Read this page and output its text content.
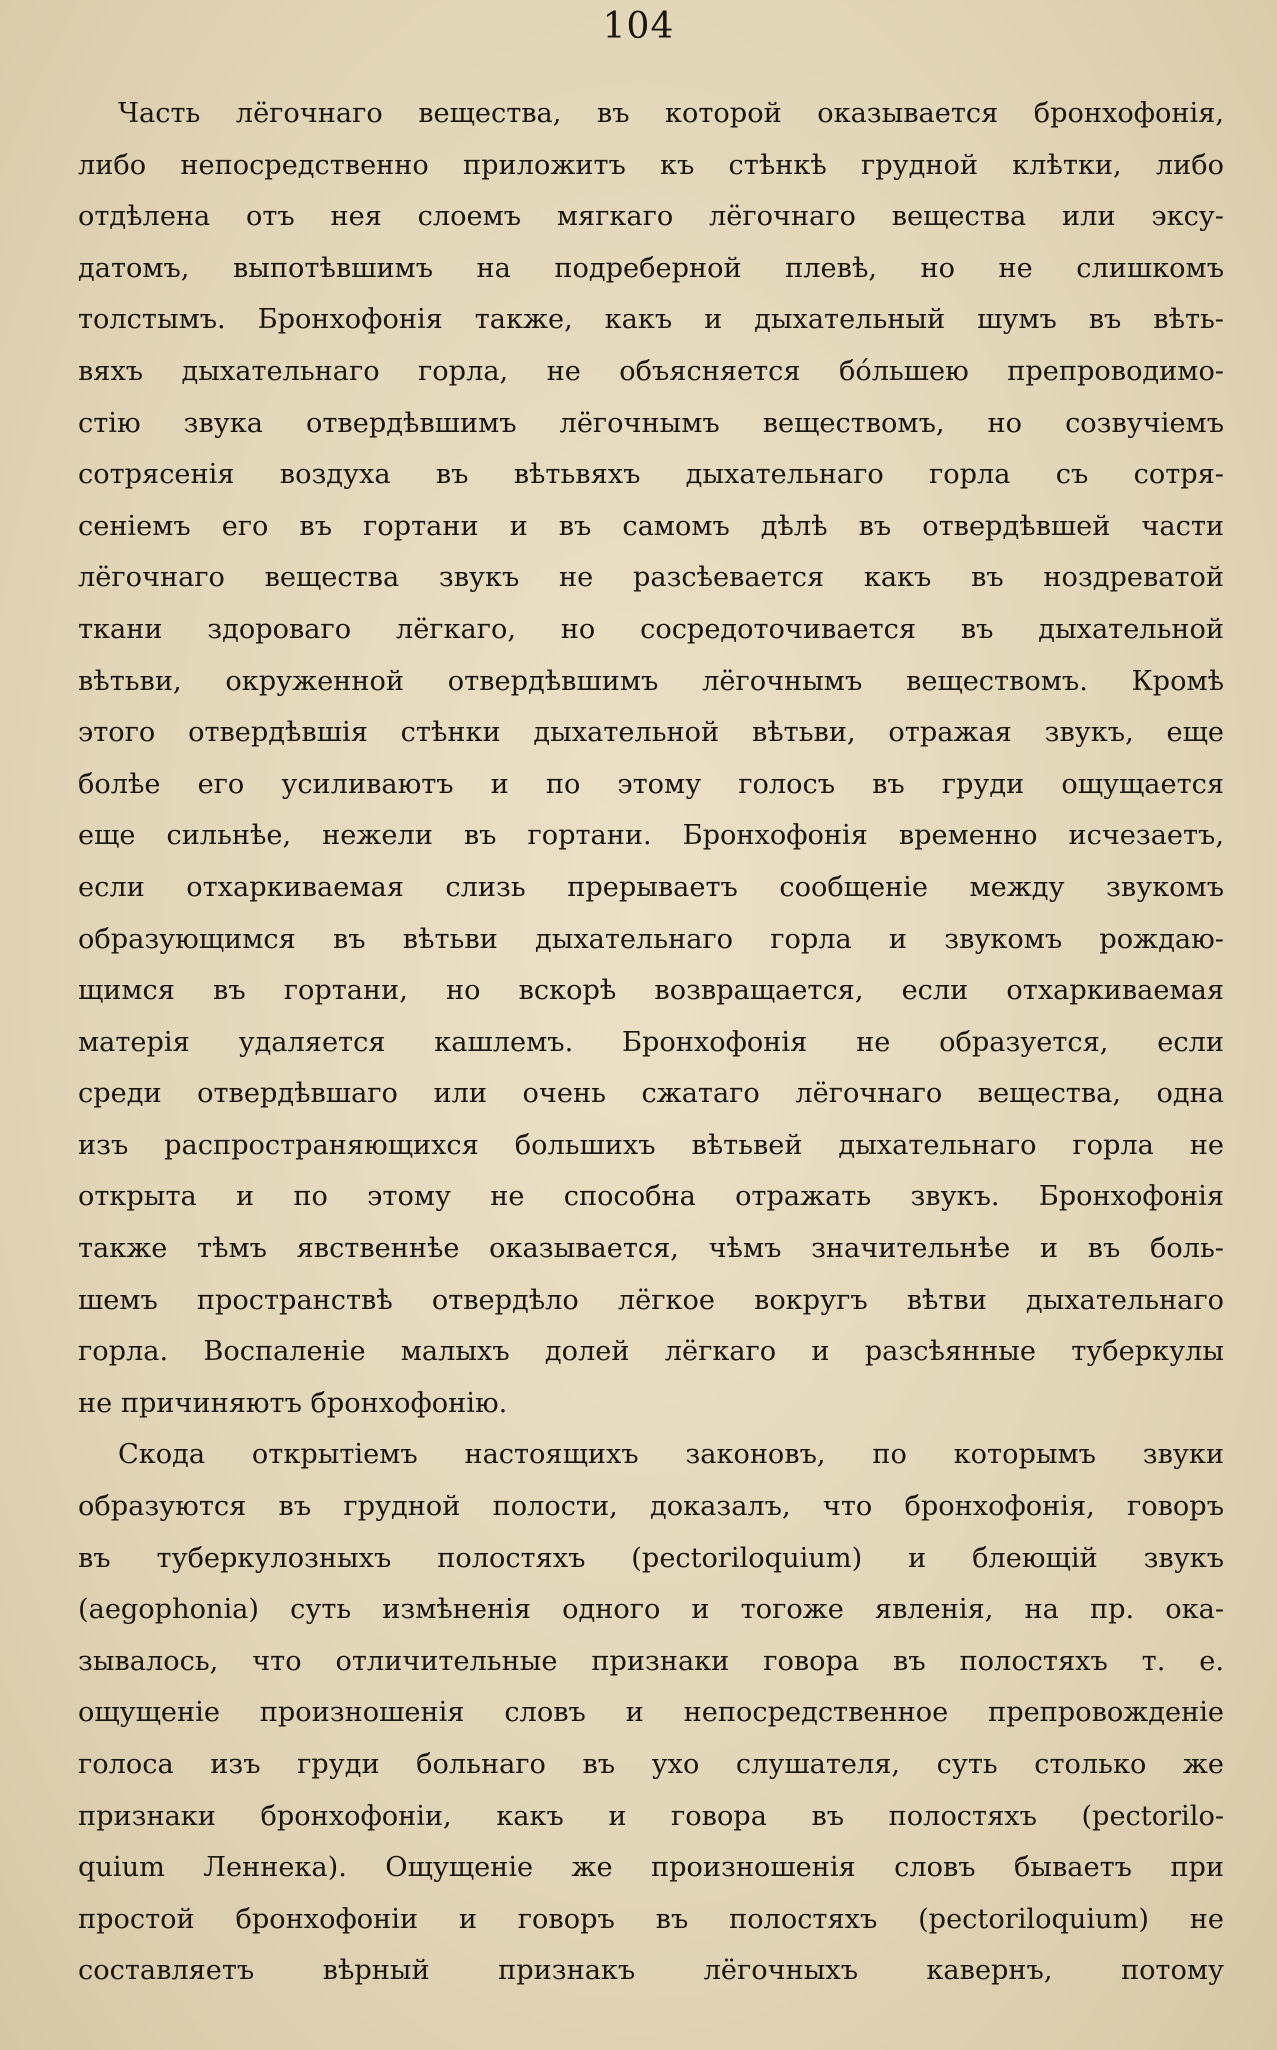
104
Часть лёгочнаго вещества, въ которой оказывается бронхофонія,
либо непосредственно приложитъ къ стѣнкѣ грудной клѣтки, либо
отдѣлена отъ нея слоемъ мягкаго лёгочнаго вещества или эксу-
датомъ, выпотѣвшимъ на подреберной плевѣ, но не слишкомъ
толстымъ. Бронхофонія также, какъ и дыхательный шумъ въ вѣть-
вяхъ дыхательнаго горла, не объясняется бóльшею препроводимо-
стію звука отвердѣвшимъ лёгочнымъ веществомъ, но созвучіемъ
сотрясенія воздуха въ вѣтьвяхъ дыхательнаго горла съ сотря-
сеніемъ его въ гортани и въ самомъ дѣлѣ въ отвердѣвшей части
лёгочнаго вещества звукъ не разсѣевается какъ въ ноздреватой
ткани здороваго лёгкаго, но сосредоточивается въ дыхательной
вѣтьви, окруженной отвердѣвшимъ лёгочнымъ веществомъ. Кромѣ
этого отвердѣвшія стѣнки дыхательной вѣтьви, отражая звукъ, еще
болѣе его усиливаютъ и по этому голосъ въ груди ощущается
еще сильнѣе, нежели въ гортани. Бронхофонія временно исчезаетъ,
если отхаркиваемая слизь прерываетъ сообщеніе между звукомъ
образующимся въ вѣтьви дыхательнаго горла и звукомъ рождаю-
щимся въ гортани, но вскорѣ возвращается, если отхаркиваемая
матерія удаляется кашлемъ. Бронхофонія не образуется, если
среди отвердѣвшаго или очень сжатаго лёгочнаго вещества, одна
изъ распространяющихся большихъ вѣтьвей дыхательнаго горла не
открыта и по этому не способна отражать звукъ. Бронхофонія
также тѣмъ явственнѣе оказывается, чѣмъ значительнѣе и въ боль-
шемъ пространствѣ отвердѣло лёгкое вокругъ вѣтви дыхательнаго
горла. Воспаленіе малыхъ долей лёгкаго и разсѣянные туберкулы
не причиняютъ бронхофонію.
Скода открытіемъ настоящихъ законовъ, по которымъ звуки
образуются въ грудной полости, доказалъ, что бронхофонія, говоръ
въ туберкулозныхъ полостяхъ (pectoriloquium) и блеющій звукъ
(aegophonia) суть измѣненія одного и тогоже явленія, на пр. ока-
зывалось, что отличительные признаки говора въ полостяхъ т. е.
ощущеніе произношенія словъ и непосредственное препровожденіе
голоса изъ груди больнаго въ ухо слушателя, суть столько же
признаки бронхофоніи, какъ и говора въ полостяхъ (pectorilo-
quium Леннека). Ощущеніе же произношенія словъ бываетъ при
простой бронхофоніи и говоръ въ полостяхъ (pectoriloquium) не
составляетъ вѣрный признакъ лёгочныхъ кавернъ, потому
